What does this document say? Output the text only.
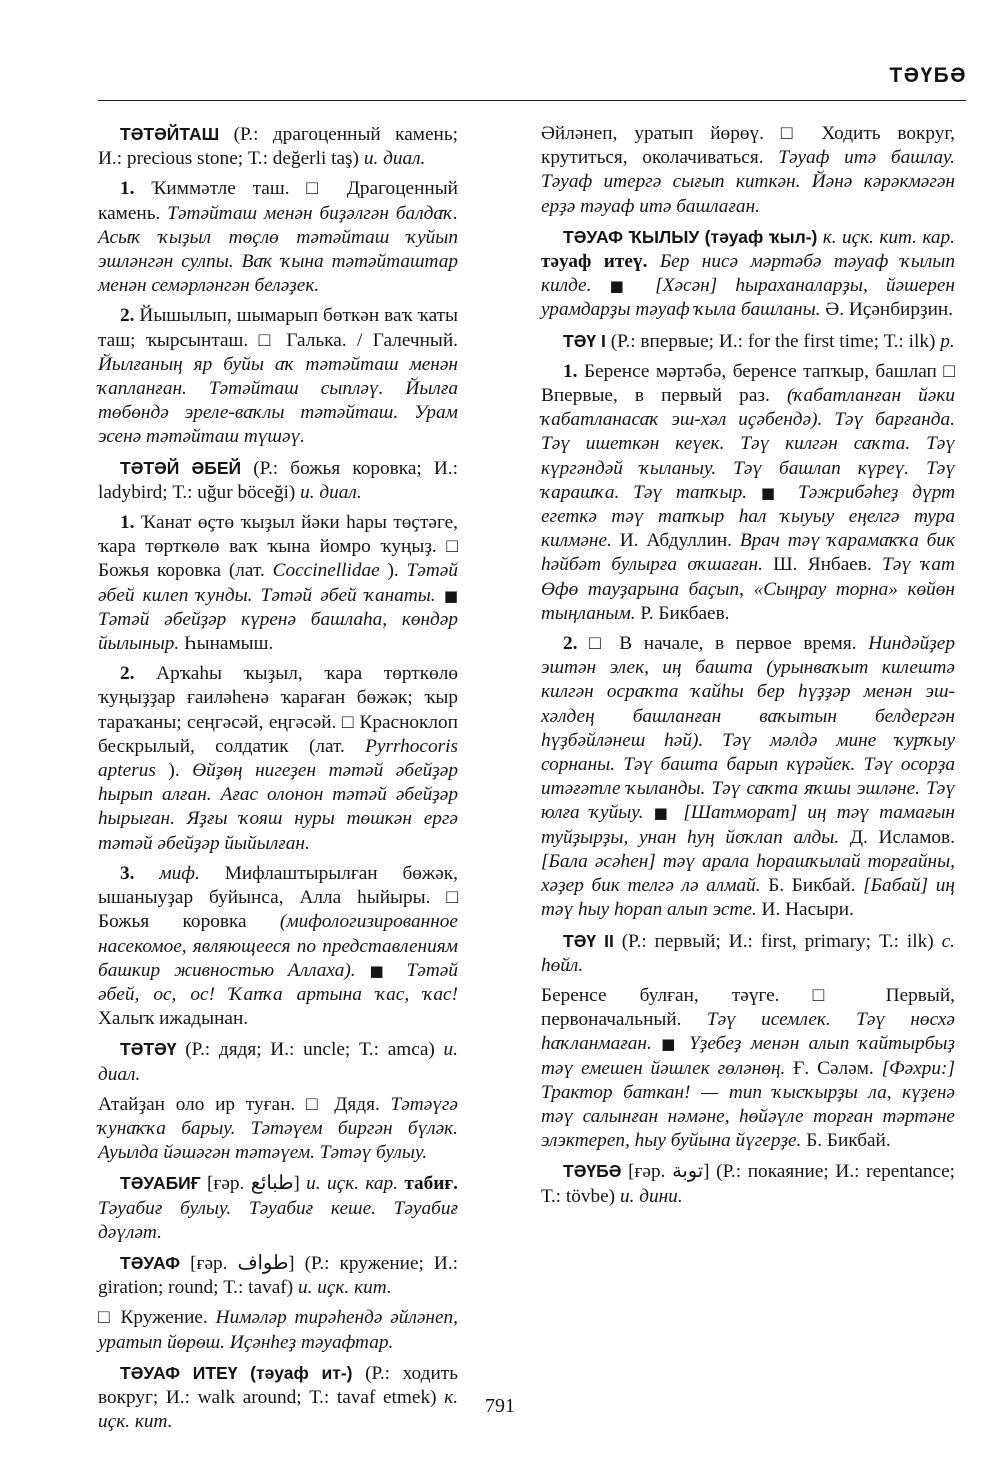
ТӘҮБӘ

ТӘТӘЙТАШ (Р.: драгоценный камень; И.: precious stone; Т.: değerli taş) и. диал.

1. Ҡиммәтле таш. □ Драгоценный камень. Тәтәйташ менән биҙәлгән балдаҡ. Асыҡ ҡыҙыл төҫлө тәтәйташ ҡуйып эшләнгән сулпы. Ваҡ ҡына тәтәйташтар менән семәрләнгән беләҙек.

2. Йышылып, шымарып бөткән ваҡ ҡаты таш; ҡырсынташ. □ Галька. / Галечный. Йылғаның яр буйы аҡ тәтәйташ менән ҡапланған. Тәтәйташ сыпләү. Йылға төбөндә эреле-ваҡлы тәтәйташ. Урам эсенә тәтәйташ түшәү.

ТӘТӘЙ ӘБЕЙ (Р.: божья коровка; И.: ladybird; Т.: uğur böceği) и. диал.

1. Ҡанат өҫтө ҡыҙыл йәки һары төҫтәге, ҡара төрткөлө ваҡ ҡына йомро ҡуңыҙ. □ Божья коровка (лат. Coccinellidae ). Тәтәй әбей килеп ҡунды. Тәтәй әбей ҡанаты. ■ Тәтәй әбейҙәр күренә башлаһа, көндәр йылыныр. Һынамыш.

2. Арҡаһы ҡыҙыл, ҡара төрткөлө ҡуңыҙҙар ғаиләһенә ҡараған бөжәк; ҡыр тараҡаны; сеңгәсәй, еңгәсәй. □ Красноклоп бескрылый, солдатик (лат. Pyrrhocoris apterus ). Өйҙөң нигеҙен тәтәй әбейҙәр һырып алған. Ағас олонон тәтәй әбейҙәр һырыған. Яҙғы ҡояш нуры төшкән ергә тәтәй әбейҙәр йыйылған.

3. миф. Мифлаштырылған бөжәк, ышаныуҙар буйынса, Алла һыйыры. □ Божья коровка (мифологизированное насекомое, являющееся по представлениям башкир живностью Аллаха). ■ Тәтәй әбей, ос, ос! Ҡапҡа артына ҡас, ҡас! Халыҡ ижадынан.

ТӘТӘҮ (Р.: дядя; И.: uncle; Т.: amca) и. диал.

Атайҙан оло ир туған. □ Дядя. Тәтәүгә ҡунаҡҡа барыу. Тәтәүем биргән бүләк. Ауылда йәшәгән тәтәүем. Тәтәү булыу.

ТӘУАБИҒ [ғәр. طبائع] и. иҫк. кар. табиғ. Тәуабиғ булыу. Тәуабиғ кеше. Тәуабиғ дәүләт.

ТӘУАФ [ғәр. طواف] (Р.: кружение; И.: giration; round; Т.: tavaf) и. иҫк. кит.

□ Кружение. Нимәләр тирәһендә әйләнеп, уратып йөрөш. Иҫәнһеҙ тәуафтар.

ТӘУАФ ИТЕҮ (тәуаф ит-) (Р.: ходить вокруг; И.: walk around; Т.: tavaf etmek) к. иҫк. кит.

Әйләнеп, уратып йөрөү. □ Ходить вокруг, крутиться, околачиваться. Тәуаф итә башлау. Тәуаф итергә сығып киткән. Йәнә кәрәкмәгән ерҙә тәуаф итә башлаған.

ТӘУАФ ҠЫЛЫУ (тәуаф ҡыл-) к. иҫк. кит. кар. тәуаф итеү. Бер нисә мәртәбә тәуаф ҡылып килде. ■ [Хәсән] һыраханаларҙы, йәшерен урамдарҙы тәуаф ҡыла башланы. Ә. Иҫәнбирҙин.

ТӘҮ I (Р.: впервые; И.: for the first time; Т.: ilk) р.

1. Беренсе мәртәбә, беренсе тапҡыр, башлап □ Впервые, в первый раз. (ҡабатланған йәки ҡабатланасаҡ эш-хәл иҫәбендә). Тәү барғанда. Тәү ишеткән кеүек. Тәү килгән саҡта. Тәү күргәндәй ҡыланыу. Тәү башлап күреү. Тәү ҡарашҡа. Тәү тапҡыр. ■ Тәжрибәһеҙ дүрт егеткә тәү тапҡыр һал ҡыуыу еңелгә тура килмәне. И. Абдуллин. Врач тәү ҡарамаҡҡа бик һәйбәт булырға оҡшаған. Ш. Янбаев. Тәү ҡат Өфө тауҙарына баҫып, «Сыңрау торна» көйөн тыңланым. Р. Бикбаев.

2. □ В начале, в первое время. Ниндәйҙер эштән элек, иң башта (урынваҡыт килештә килгән осраҡта ҡайһы бер һүҙҙәр менән эш-хәлдең башланған ваҡытын белдергән һүҙбәйләнеш һәй). Тәү мәлдә мине ҡурҡыу сорнаны. Тәү башта барып күрәйек. Тәү осорҙа итәғәтле ҡыланды. Тәү саҡта яҡшы эшләне. Тәү юлға ҡуйыу. ■ [Шатморат] иң тәү тамағын туйҙырҙы, унан һуң йоҡлап алды. Д. Исламов. [Бала әсәһен] тәү арала һорашҡылай торғайны, хәҙер бик телгә лә алмай. Б. Бикбай. [Бабай] иң тәү һыу һорап алып эсте. И. Насыри.

ТӘҮ II (Р.: первый; И.: first, primary; Т.: ilk) с. һөйл.

Беренсе булған, тәүге. □ Первый, первоначальный. Тәү исемлек. Тәү нөсхә һаҡланмаған. ■ Үҙебеҙ менән алып ҡайтырбыҙ тәү емешен йәшлек гөләнөң. Ғ. Сәләм. [Фәхри:] Трактор баткан! — тип ҡысҡырҙы ла, күҙенә тәү салынған нәмәне, һөйәүле торған тәртәне элэктереп, һыу буйына йүгерҙе. Б. Бикбай.

ТӘҮБӘ [ғәр. توبة] (Р.: покаяние; И.: repentance; Т.: tövbe) и. дини.

791
